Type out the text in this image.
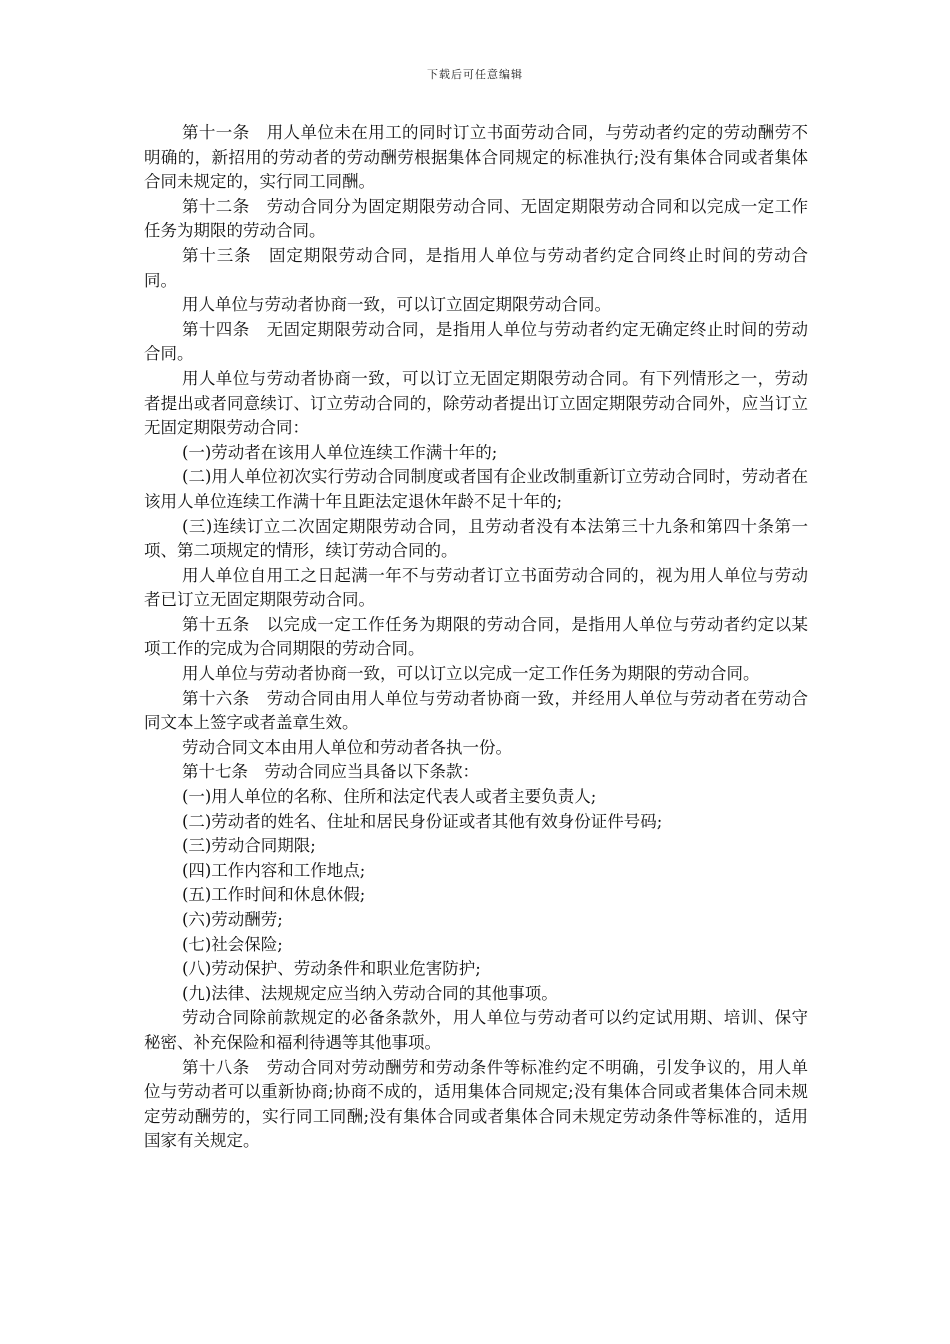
下载后可任意编辑

第十一条　用人单位未在用工的同时订立书面劳动合同，与劳动者约定的劳动酬劳不明确的，新招用的劳动者的劳动酬劳根据集体合同规定的标准执行;没有集体合同或者集体合同未规定的，实行同工同酬。

第十二条　劳动合同分为固定期限劳动合同、无固定期限劳动合同和以完成一定工作任务为期限的劳动合同。

第十三条　固定期限劳动合同，是指用人单位与劳动者约定合同终止时间的劳动合同。

用人单位与劳动者协商一致，可以订立固定期限劳动合同。

第十四条　无固定期限劳动合同，是指用人单位与劳动者约定无确定终止时间的劳动合同。

用人单位与劳动者协商一致，可以订立无固定期限劳动合同。有下列情形之一，劳动者提出或者同意续订、订立劳动合同的，除劳动者提出订立固定期限劳动合同外，应当订立无固定期限劳动合同：

(一)劳动者在该用人单位连续工作满十年的;

(二)用人单位初次实行劳动合同制度或者国有企业改制重新订立劳动合同时，劳动者在该用人单位连续工作满十年且距法定退休年龄不足十年的;

(三)连续订立二次固定期限劳动合同，且劳动者没有本法第三十九条和第四十条第一项、第二项规定的情形，续订劳动合同的。

用人单位自用工之日起满一年不与劳动者订立书面劳动合同的，视为用人单位与劳动者已订立无固定期限劳动合同。

第十五条　以完成一定工作任务为期限的劳动合同，是指用人单位与劳动者约定以某项工作的完成为合同期限的劳动合同。

用人单位与劳动者协商一致，可以订立以完成一定工作任务为期限的劳动合同。

第十六条　劳动合同由用人单位与劳动者协商一致，并经用人单位与劳动者在劳动合同文本上签字或者盖章生效。

劳动合同文本由用人单位和劳动者各执一份。

第十七条　劳动合同应当具备以下条款：

(一)用人单位的名称、住所和法定代表人或者主要负责人;

(二)劳动者的姓名、住址和居民身份证或者其他有效身份证件号码;

(三)劳动合同期限;

(四)工作内容和工作地点;

(五)工作时间和休息休假;

(六)劳动酬劳;

(七)社会保险;

(八)劳动保护、劳动条件和职业危害防护;

(九)法律、法规规定应当纳入劳动合同的其他事项。

劳动合同除前款规定的必备条款外，用人单位与劳动者可以约定试用期、培训、保守秘密、补充保险和福利待遇等其他事项。

第十八条　劳动合同对劳动酬劳和劳动条件等标准约定不明确，引发争议的，用人单位与劳动者可以重新协商;协商不成的，适用集体合同规定;没有集体合同或者集体合同未规定劳动酬劳的，实行同工同酬;没有集体合同或者集体合同未规定劳动条件等标准的，适用国家有关规定。
